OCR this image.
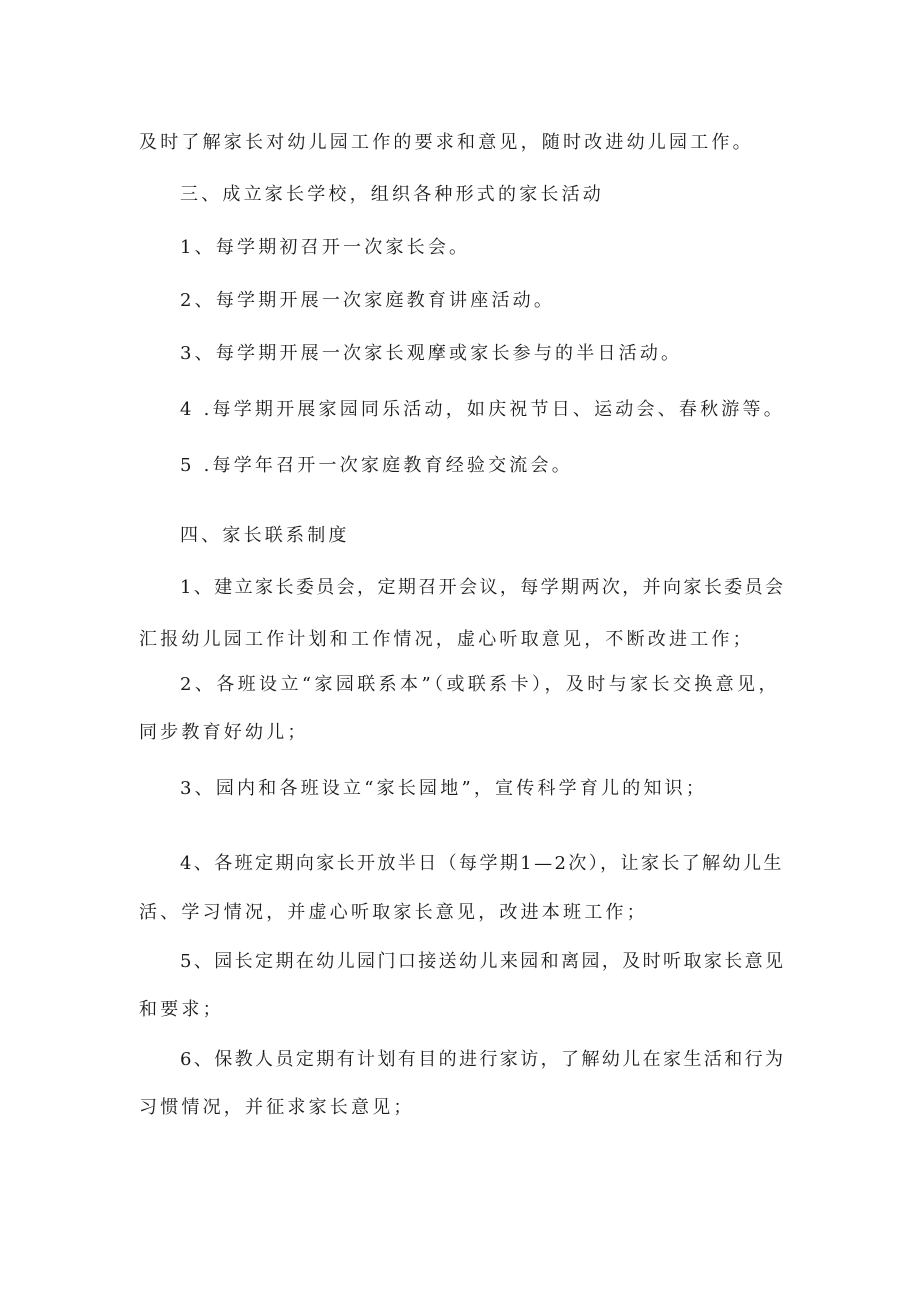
及时了解家长对幼儿园工作的要求和意见，随时改进幼儿园工作。
三、成立家长学校，组织各种形式的家长活动
1、每学期初召开一次家长会。
2、每学期开展一次家庭教育讲座活动。
3、每学期开展一次家长观摩或家长参与的半日活动。
4 .每学期开展家园同乐活动，如庆祝节日、运动会、春秋游等。
5 .每学年召开一次家庭教育经验交流会。
四、家长联系制度
1、建立家长委员会，定期召开会议，每学期两次，并向家长委员会
汇报幼儿园工作计划和工作情况，虚心听取意见，不断改进工作；
2、各班设立“家园联系本”（或联系卡），及时与家长交换意见，
同步教育好幼儿；
3、园内和各班设立“家长园地”，宣传科学育儿的知识；
4、各班定期向家长开放半日（每学期1—2次），让家长了解幼儿生
活、学习情况，并虚心听取家长意见，改进本班工作；
5、园长定期在幼儿园门口接送幼儿来园和离园，及时听取家长意见
和要求；
6、保教人员定期有计划有目的进行家访，了解幼儿在家生活和行为
习惯情况，并征求家长意见；
